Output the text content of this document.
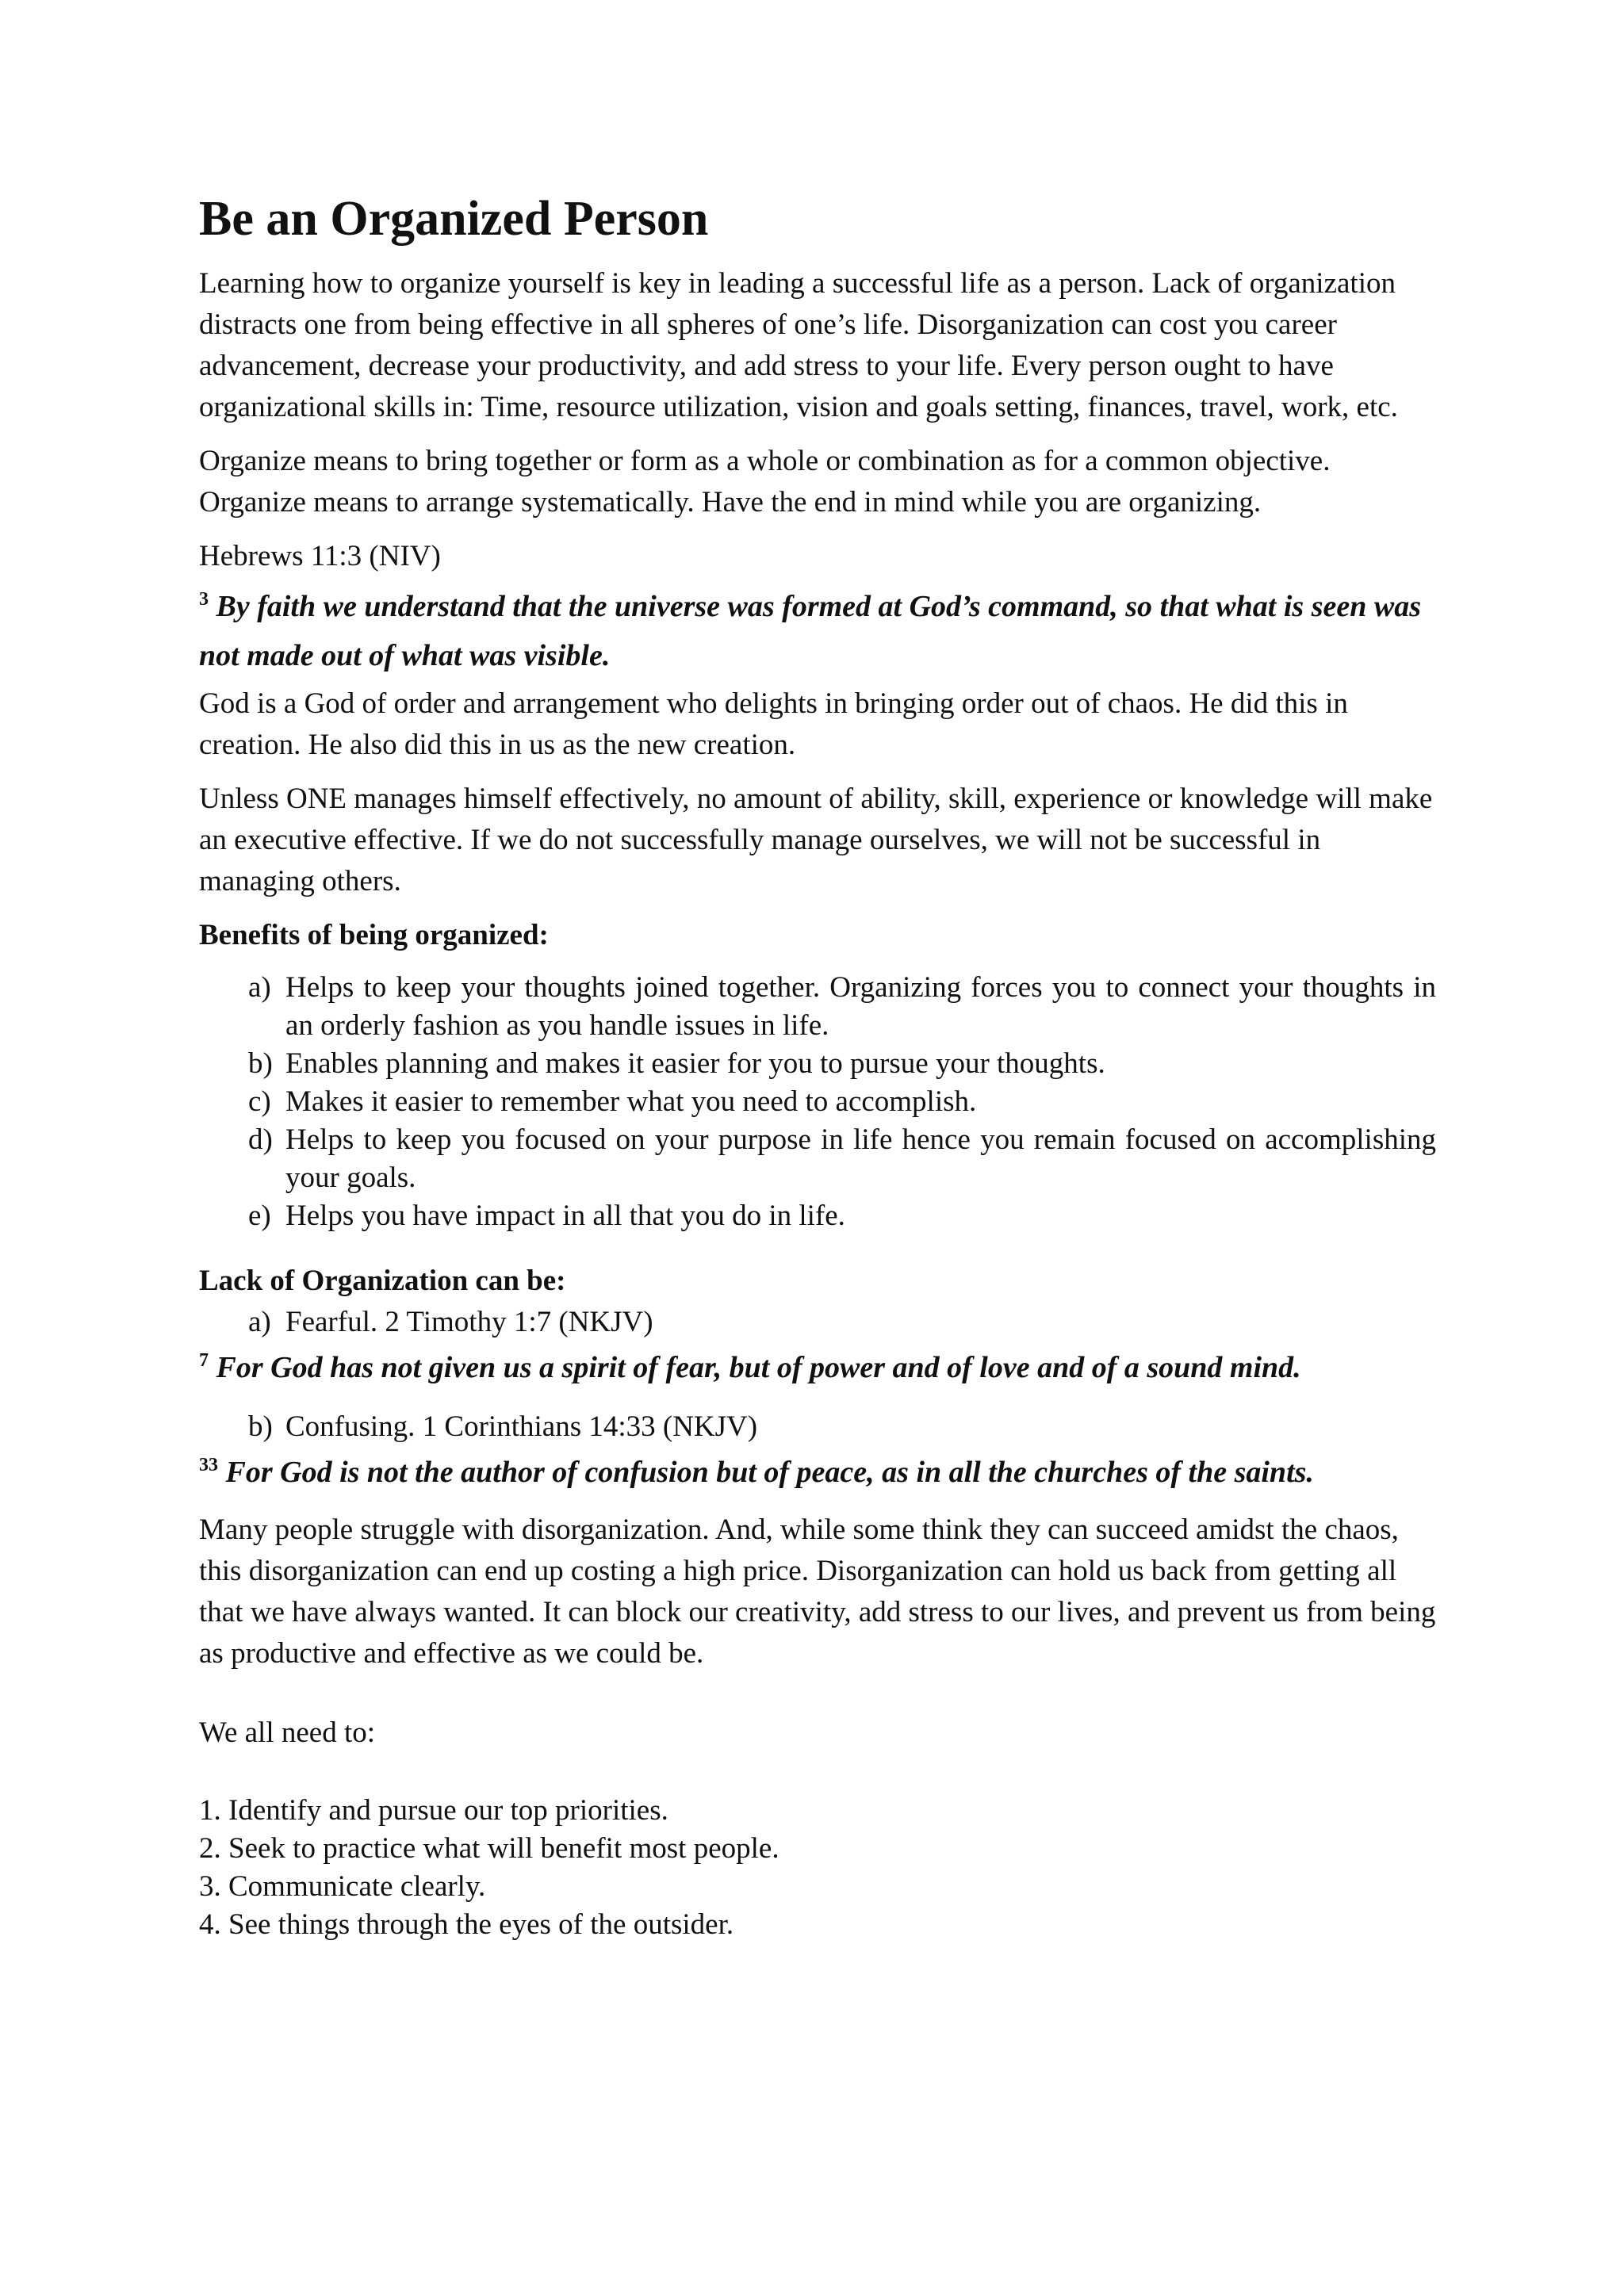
Be an Organized Person

Learning how to organize yourself is key in leading a successful life as a person. Lack of organization distracts one from being effective in all spheres of one’s life. Disorganization can cost you career advancement, decrease your productivity, and add stress to your life. Every person ought to have organizational skills in: Time, resource utilization, vision and goals setting, finances, travel, work, etc.

Organize means to bring together or form as a whole or combination as for a common objective. Organize means to arrange systematically. Have the end in mind while you are organizing.

Hebrews 11:3 (NIV)
$^3$ By faith we understand that the universe was formed at God’s command, so that what is seen was not made out of what was visible.

God is a God of order and arrangement who delights in bringing order out of chaos. He did this in creation. He also did this in us as the new creation.

Unless ONE manages himself effectively, no amount of ability, skill, experience or knowledge will make an executive effective. If we do not successfully manage ourselves, we will not be successful in managing others.

Benefits of being organized:
a) Helps to keep your thoughts joined together. Organizing forces you to connect your thoughts in an orderly fashion as you handle issues in life.
b) Enables planning and makes it easier for you to pursue your thoughts.
c) Makes it easier to remember what you need to accomplish.
d) Helps to keep you focused on your purpose in life hence you remain focused on accomplishing your goals.
e) Helps you have impact in all that you do in life.
Lack of Organization can be:
a) Fearful. 2 Timothy 1:7 (NKJV)
$^7$ For God has not given us a spirit of fear, but of power and of love and of a sound mind.
b) Confusing. 1 Corinthians 14:33 (NKJV)
$^{33}$ For God is not the author of confusion but of peace, as in all the churches of the saints.

Many people struggle with disorganization. And, while some think they can succeed amidst the chaos, this disorganization can end up costing a high price. Disorganization can hold us back from getting all that we have always wanted. It can block our creativity, add stress to our lives, and prevent us from being as productive and effective as we could be.

We all need to:

1. Identify and pursue our top priorities.
2. Seek to practice what will benefit most people.
3. Communicate clearly.
4. See things through the eyes of the outsider.
